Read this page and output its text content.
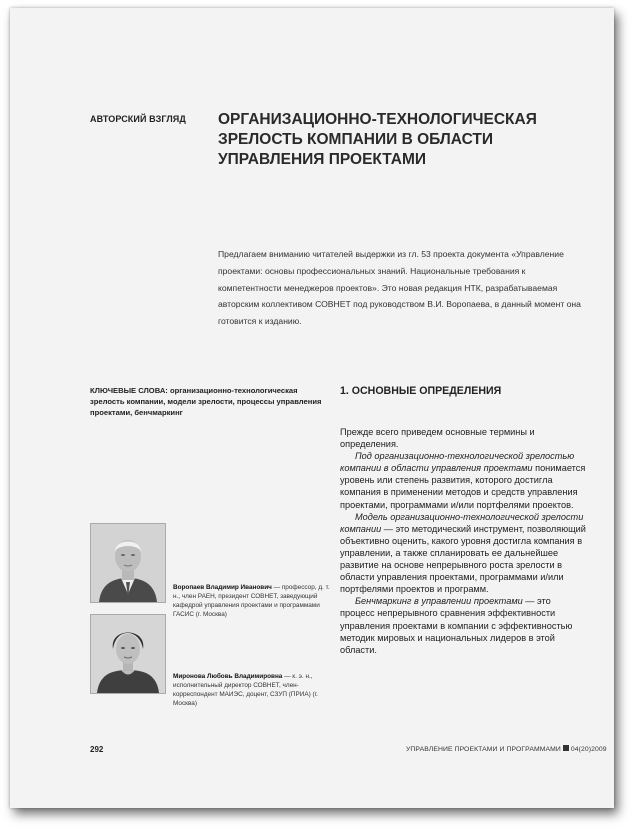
АВТОРСКИЙ ВЗГЛЯД ОРГАНИЗАЦИОННО-ТЕХНОЛОГИЧЕСКАЯ ЗРЕЛОСТЬ КОМПАНИИ В ОБЛАСТИ УПРАВЛЕНИЯ ПРОЕКТАМИ

Предлагаем вниманию читателей выдержки из гл. 53 проекта документа «Управление проектами: основы профессиональных знаний. Национальные требования к компетентности менеджеров проектов». Это новая редакция НТК, разрабатываемая авторским коллективом СОВНЕТ под руководством В.И. Воропаева, в данный момент она готовится к изданию.

КЛЮЧЕВЫЕ СЛОВА: организационно-технологическая зрелость компании, модели зрелости, процессы управления проектами, бенчмаркинг

Воропаев Владимир Иванович — профессор, д. т. н., член РАЕН, президент СОВНЕТ, заведующий кафедрой управления проектами и программами ГАСИС (г. Москва)

Миронова Любовь Владимировна — к. э. н., исполнительный директор СОВНЕТ, член-корреспондент МАИЭС, доцент, СЗУП (ПРИА) (г. Москва)

1. ОСНОВНЫЕ ОПРЕДЕЛЕНИЯ

Прежде всего приведем основные термины и определения.

Под организационно-технологической зрелостью компании в области управления проектами понимается уровень или степень развития, которого достигла компания в применении методов и средств управления проектами, программами и/или портфелями проектов.

Модель организационно-технологической зрелости компании — это методический инструмент, позволяющий объективно оценить, какого уровня достигла компания в управлении, а также спланировать ее дальнейшее развитие на основе непрерывного роста зрелости в области управления проектами, программами и/или портфелями проектов и программ.

Бенчмаркинг в управлении проектами — это процесс непрерывного сравнения эффективности управления проектами в компании с эффективностью методик мировых и национальных лидеров в этой области.

292	УПРАВЛЕНИЕ ПРОЕКТАМИ И ПРОГРАММАМИ 04(20)2009
